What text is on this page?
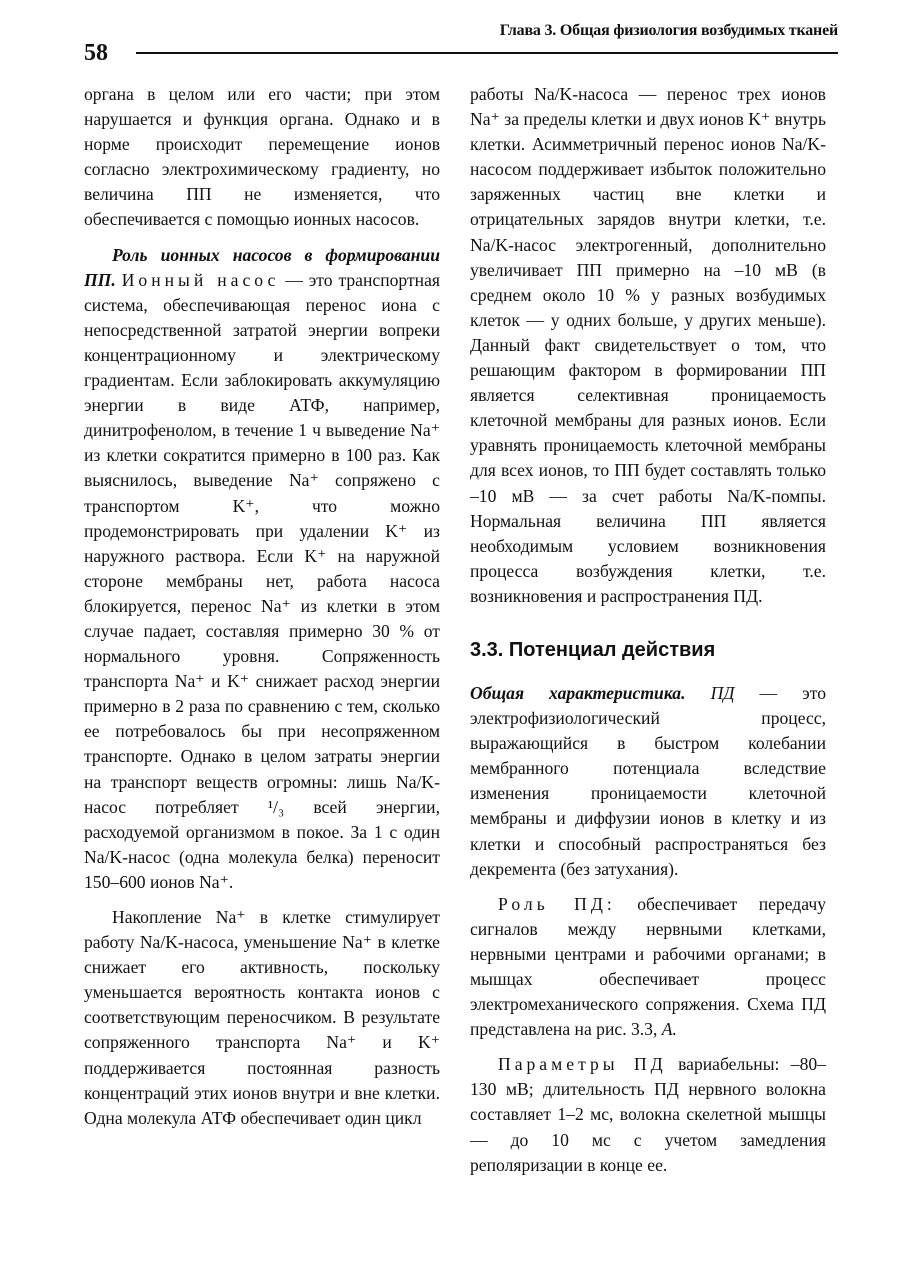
58
Глава 3. Общая физиология возбудимых тканей

органа в целом или его части; при этом нарушается и функция органа. Однако и в норме происходит перемещение ионов согласно электрохимическому градиенту, но величина ПП не изменяется, что обеспечивается с помощью ионных насосов.

Роль ионных насосов в формировании ПП. Ионный насос — это транспортная система, обеспечивающая перенос иона с непосредственной затратой энергии вопреки концентрационному и электрическому градиентам. Если заблокировать аккумуляцию энергии в виде АТФ, например, динитрофенолом, в течение 1 ч выведение Na⁺ из клетки сократится примерно в 100 раз. Как выяснилось, выведение Na⁺ сопряжено с транспортом K⁺, что можно продемонстрировать при удалении K⁺ из наружного раствора. Если K⁺ на наружной стороне мембраны нет, работа насоса блокируется, перенос Na⁺ из клетки в этом случае падает, составляя примерно 30 % от нормального уровня. Сопряженность транспорта Na⁺ и K⁺ снижает расход энергии примерно в 2 раза по сравнению с тем, сколько ее потребовалось бы при несопряженном транспорте. Однако в целом затраты энергии на транспорт веществ огромны: лишь Na/K-насос потребляет ¹/₃ всей энергии, расходуемой организмом в покое. За 1 с один Na/K-насос (одна молекула белка) переносит 150–600 ионов Na⁺.

Накопление Na⁺ в клетке стимулирует работу Na/K-насоса, уменьшение Na⁺ в клетке снижает его активность, поскольку уменьшается вероятность контакта ионов с соответствующим переносчиком. В результате сопряженного транспорта Na⁺ и K⁺ поддерживается постоянная разность концентраций этих ионов внутри и вне клетки. Одна молекула АТФ обеспечивает один цикл

работы Na/K-насоса — перенос трех ионов Na⁺ за пределы клетки и двух ионов K⁺ внутрь клетки. Асимметричный перенос ионов Na/K-насосом поддерживает избыток положительно заряженных частиц вне клетки и отрицательных зарядов внутри клетки, т.е. Na/K-насос электрогенный, дополнительно увеличивает ПП примерно на –10 мВ (в среднем около 10 % у разных возбудимых клеток — у одних больше, у других меньше). Данный факт свидетельствует о том, что решающим фактором в формировании ПП является селективная проницаемость клеточной мембраны для разных ионов. Если уравнять проницаемость клеточной мембраны для всех ионов, то ПП будет составлять только –10 мВ — за счет работы Na/K-помпы. Нормальная величина ПП является необходимым условием возникновения процесса возбуждения клетки, т.е. возникновения и распространения ПД.

3.3. Потенциал действия

Общая характеристика. ПД — это электрофизиологический процесс, выражающийся в быстром колебании мембранного потенциала вследствие изменения проницаемости клеточной мембраны и диффузии ионов в клетку и из клетки и способный распространяться без декремента (без затухания).

Роль ПД: обеспечивает передачу сигналов между нервными клетками, нервными центрами и рабочими органами; в мышцах обеспечивает процесс электромеханического сопряжения. Схема ПД представлена на рис. 3.3, А.

Параметры ПД вариабельны: –80–130 мВ; длительность ПД нервного волокна составляет 1–2 мс, волокна скелетной мышцы — до 10 мс с учетом замедления реполяризации в конце ее.
